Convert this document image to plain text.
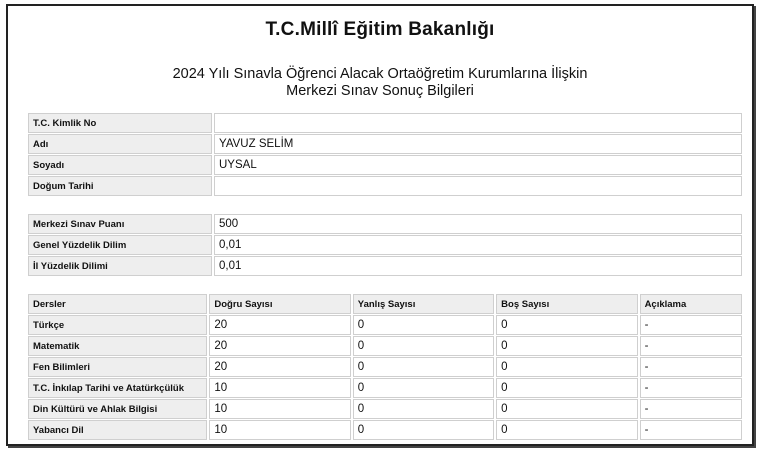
T.C.Millî Eğitim Bakanlığı
2024 Yılı Sınavla Öğrenci Alacak Ortaöğretim Kurumlarına İlişkin
Merkezi Sınav Sonuç Bilgileri
T.C. Kimlik No
Adı	YAVUZ SELİM
Soyadı	UYSAL
Doğum Tarihi
Merkezi Sınav Puanı	500
Genel Yüzdelik Dilim	0,01
İl Yüzdelik Dilimi	0,01
Dersler	Doğru Sayısı	Yanlış Sayısı	Boş Sayısı	Açıklama
Türkçe	20	0	0	-
Matematik	20	0	0	-
Fen Bilimleri	20	0	0	-
T.C. İnkılap Tarihi ve Atatürkçülük	10	0	0	-
Din Kültürü ve Ahlak Bilgisi	10	0	0	-
Yabancı Dil	10	0	0	-
